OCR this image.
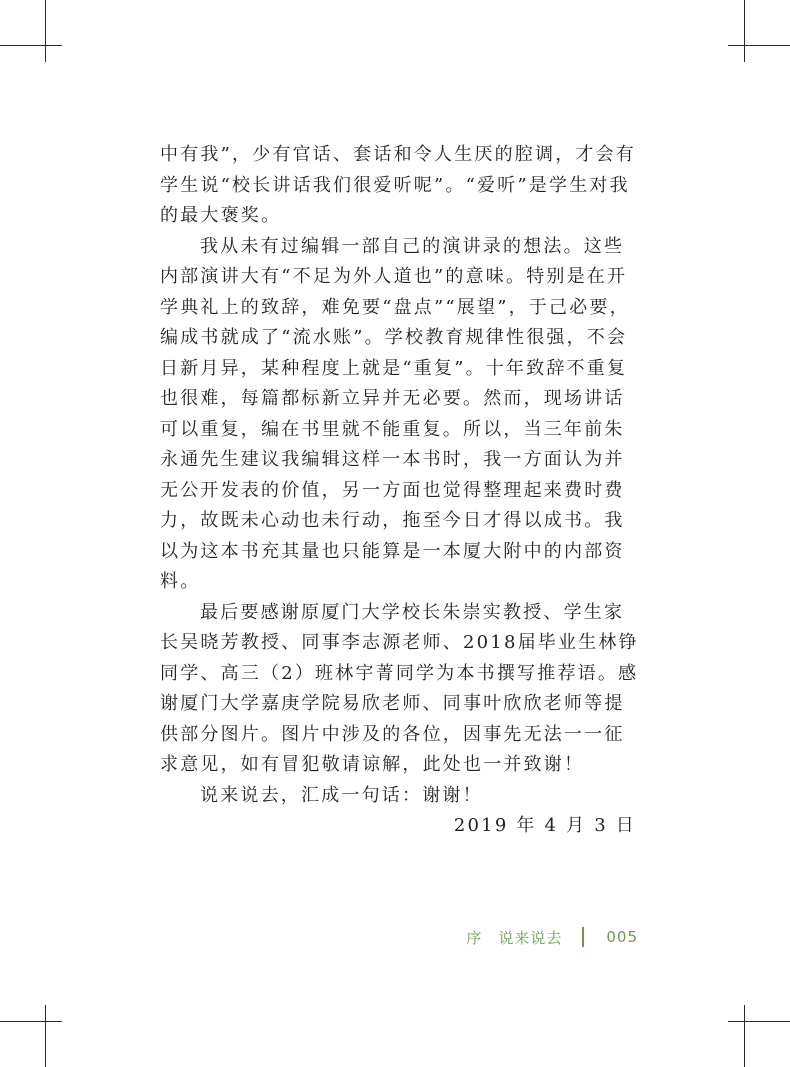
中有我”，少有官话、套话和令人生厌的腔调，才会有学生说“校长讲话我们很爱听呢”。“爱听”是学生对我的最大褒奖。

我从未有过编辑一部自己的演讲录的想法。这些内部演讲大有“不足为外人道也”的意味。特别是在开学典礼上的致辞，难免要“盘点”“展望”，于己必要，编成书就成了“流水账”。学校教育规律性很强，不会日新月异，某种程度上就是“重复”。十年致辞不重复也很难，每篇都标新立异并无必要。然而，现场讲话可以重复，编在书里就不能重复。所以，当三年前朱永通先生建议我编辑这样一本书时，我一方面认为并无公开发表的价值，另一方面也觉得整理起来费时费力，故既未心动也未行动，拖至今日才得以成书。我以为这本书充其量也只能算是一本厦大附中的内部资料。

最后要感谢原厦门大学校长朱崇实教授、学生家长吴晓芳教授、同事李志源老师、2018届毕业生林铮同学、高三（2）班林宇菁同学为本书撰写推荐语。感谢厦门大学嘉庚学院易欣老师、同事叶欣欣老师等提供部分图片。图片中涉及的各位，因事先无法一一征求意见，如有冒犯敬请谅解，此处也一并致谢！

说来说去，汇成一句话：谢谢！

2019 年 4 月 3 日

序　说来说去	005
